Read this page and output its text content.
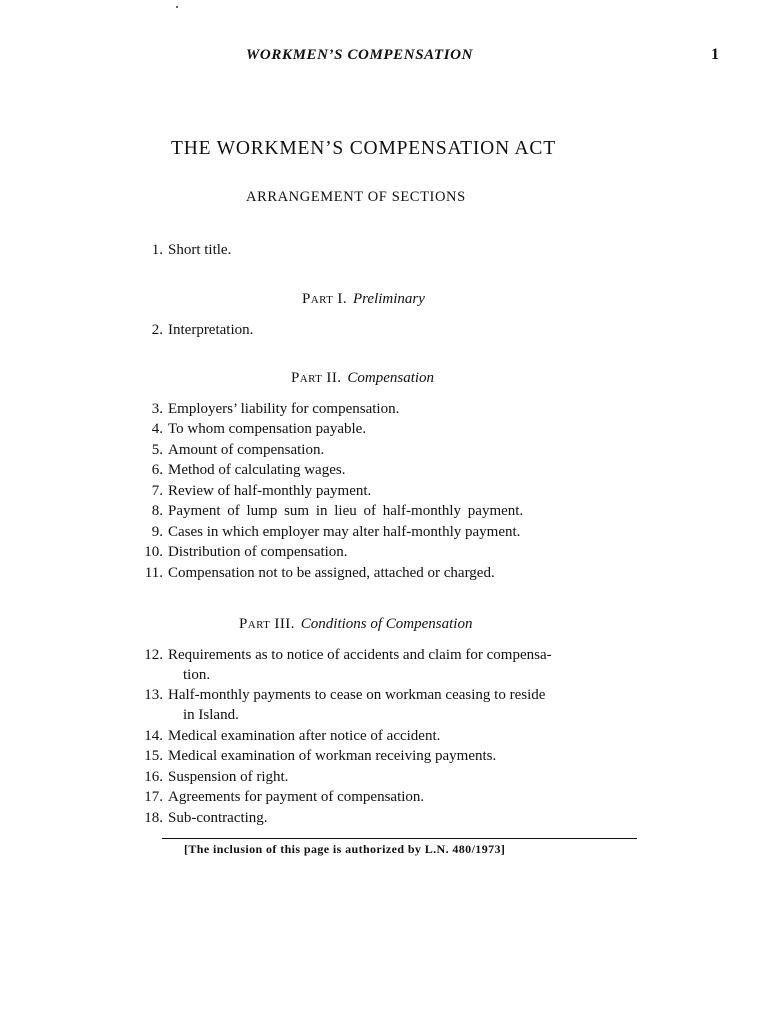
WORKMEN’S COMPENSATION	1
THE WORKMEN’S COMPENSATION ACT
ARRANGEMENT OF SECTIONS
1. Short title.
Part I. Preliminary
2. Interpretation.
Part II. Compensation
3. Employers’ liability for compensation.
4. To whom compensation payable.
5. Amount of compensation.
6. Method of calculating wages.
7. Review of half-monthly payment.
8. Payment of lump sum in lieu of half-monthly payment.
9. Cases in which employer may alter half-monthly payment.
10. Distribution of compensation.
11. Compensation not to be assigned, attached or charged.
Part III. Conditions of Compensation
12. Requirements as to notice of accidents and claim for compensa-
tion.
13. Half-monthly payments to cease on workman ceasing to reside
in Island.
14. Medical examination after notice of accident.
15. Medical examination of workman receiving payments.
16. Suspension of right.
17. Agreements for payment of compensation.
18. Sub-contracting.
[The inclusion of this page is authorized by L.N. 480/1973]
